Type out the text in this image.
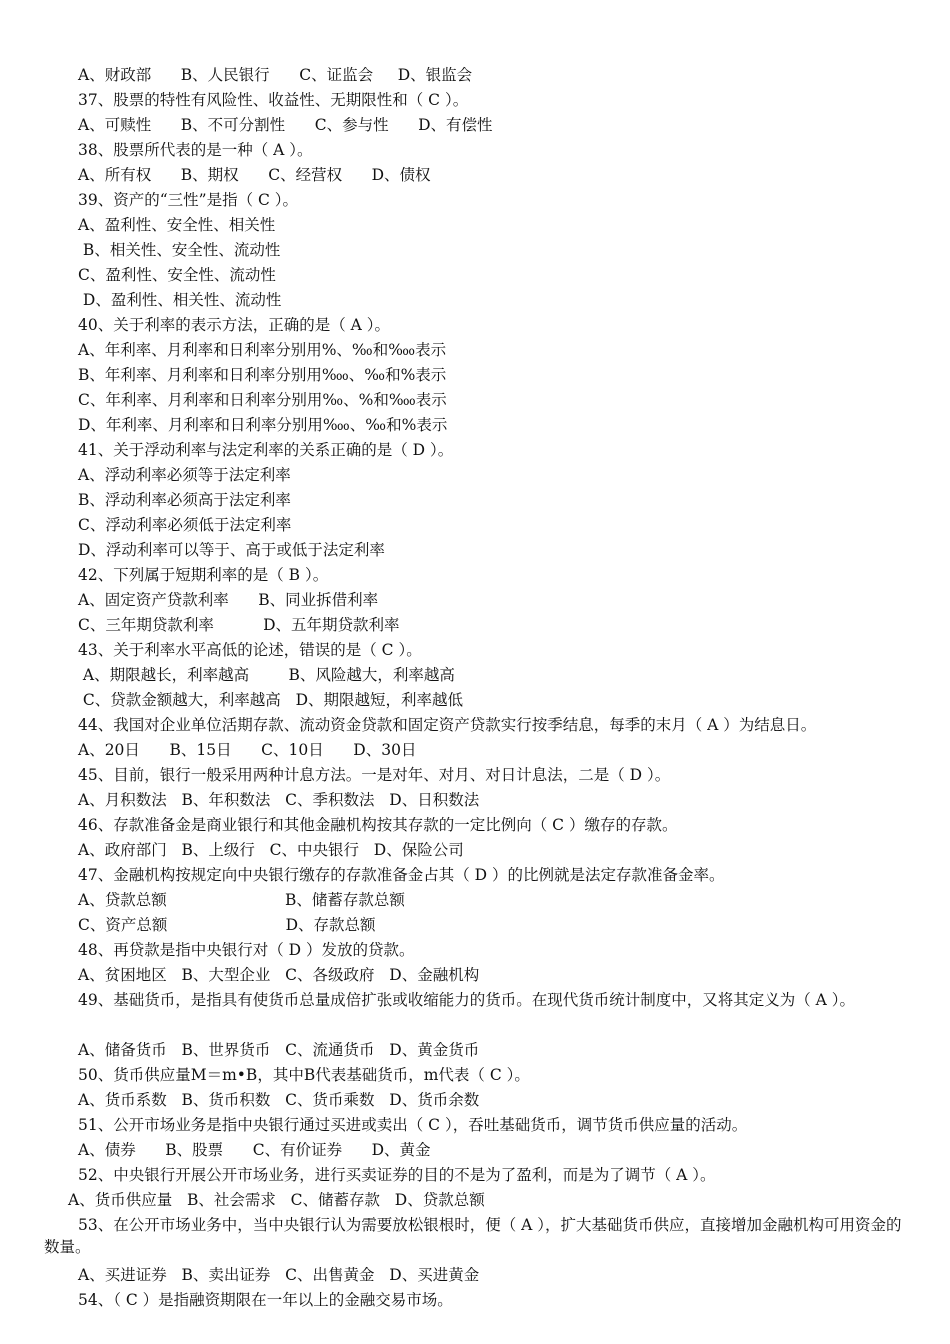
A、财政部      B、人民银行      C、证监会     D、银监会
37、股票的特性有风险性、收益性、无期限性和（ C ）。
A、可赎性      B、不可分割性      C、参与性      D、有偿性
38、股票所代表的是一种（ A ）。
A、所有权      B、期权      C、经营权      D、债权
39、资产的“三性”是指（ C ）。
A、盈利性、安全性、相关性
B、相关性、安全性、流动性
C、盈利性、安全性、流动性
D、盈利性、相关性、流动性
40、关于利率的表示方法，正确的是（ A ）。
A、年利率、月利率和日利率分别用%、‰和‱表示
B、年利率、月利率和日利率分别用‱、‰和%表示
C、年利率、月利率和日利率分别用‰、%和‱表示
D、年利率、月利率和日利率分别用‱、‰和%表示
41、关于浮动利率与法定利率的关系正确的是（ D ）。
A、浮动利率必须等于法定利率
B、浮动利率必须高于法定利率
C、浮动利率必须低于法定利率
D、浮动利率可以等于、高于或低于法定利率
42、下列属于短期利率的是（ B ）。
A、固定资产贷款利率      B、同业拆借利率
C、三年期贷款利率          D、五年期贷款利率
43、关于利率水平高低的论述，错误的是（ C ）。
A、期限越长，利率越高        B、风险越大，利率越高
C、贷款金额越大，利率越高   D、期限越短，利率越低
44、我国对企业单位活期存款、流动资金贷款和固定资产贷款实行按季结息，每季的末月（ A ）为结息日。
A、20日      B、15日      C、10日      D、30日
45、目前，银行一般采用两种计息方法。一是对年、对月、对日计息法，二是（ D ）。
A、月积数法   B、年积数法   C、季积数法   D、日积数法
46、存款准备金是商业银行和其他金融机构按其存款的一定比例向（ C ）缴存的存款。
A、政府部门   B、上级行   C、中央银行   D、保险公司
47、金融机构按规定向中央银行缴存的存款准备金占其（ D ）的比例就是法定存款准备金率。
A、贷款总额                        B、储蓄存款总额
C、资产总额                        D、存款总额
48、再贷款是指中央银行对（ D ）发放的贷款。
A、贫困地区   B、大型企业   C、各级政府   D、金融机构
49、基础货币，是指具有使货币总量成倍扩张或收缩能力的货币。在现代货币统计制度中，又将其定义为（ A ）。
A、储备货币   B、世界货币   C、流通货币   D、黄金货币
50、货币供应量M＝m•B，其中B代表基础货币，m代表（ C ）。
A、货币系数   B、货币积数   C、货币乘数   D、货币余数
51、公开市场业务是指中央银行通过买进或卖出（ C ），吞吐基础货币，调节货币供应量的活动。
A、债券      B、股票      C、有价证券      D、黄金
52、中央银行开展公开市场业务，进行买卖证券的目的不是为了盈利，而是为了调节（ A ）。
A、货币供应量   B、社会需求   C、储蓄存款   D、贷款总额
53、在公开市场业务中，当中央银行认为需要放松银根时，便（ A ），扩大基础货币供应，直接增加金融机构可用资金的数量。
A、买进证券   B、卖出证券   C、出售黄金   D、买进黄金
54、（ C ）是指融资期限在一年以上的金融交易市场。
